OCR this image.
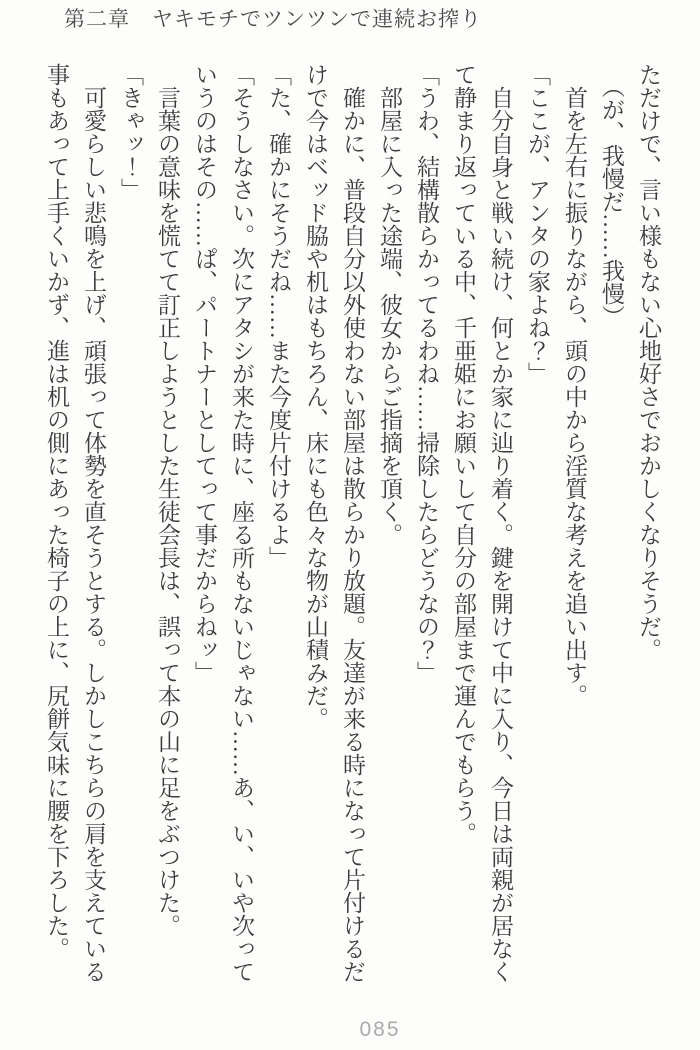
第二章　ヤキモチでツンツンで連続お搾り

ただけで、言い様もない心地好さでおかしくなりそうだ。

（が、我慢だ……我慢）

首を左右に振りながら、頭の中から淫質な考えを追い出す。

「ここが、アンタの家よね？」

自分自身と戦い続け、何とか家に辿り着く。鍵を開けて中に入り、今日は両親が居なく

て静まり返っている中、千亜姫にお願いして自分の部屋まで運んでもらう。

「うわ、結構散らかってるわね……掃除したらどうなの？」

部屋に入った途端、彼女からご指摘を頂く。

確かに、普段自分以外使わない部屋は散らかり放題。友達が来る時になって片付けるだ

けで今はベッド脇や机はもちろん、床にも色々な物が山積みだ。

「た、確かにそうだね……また今度片付けるよ」

「そうしなさい。次にアタシが来た時に、座る所もないじゃない……あ、い、いや次って

いうのはその……ぱ、パートナーとしてって事だからねッ」

言葉の意味を慌てて訂正しようとした生徒会長は、誤って本の山に足をぶつけた。

「きゃッ！」

可愛らしい悲鳴を上げ、頑張って体勢を直そうとする。しかしこちらの肩を支えている

事もあって上手くいかず、進は机の側にあった椅子の上に、尻餅気味に腰を下ろした。

085
